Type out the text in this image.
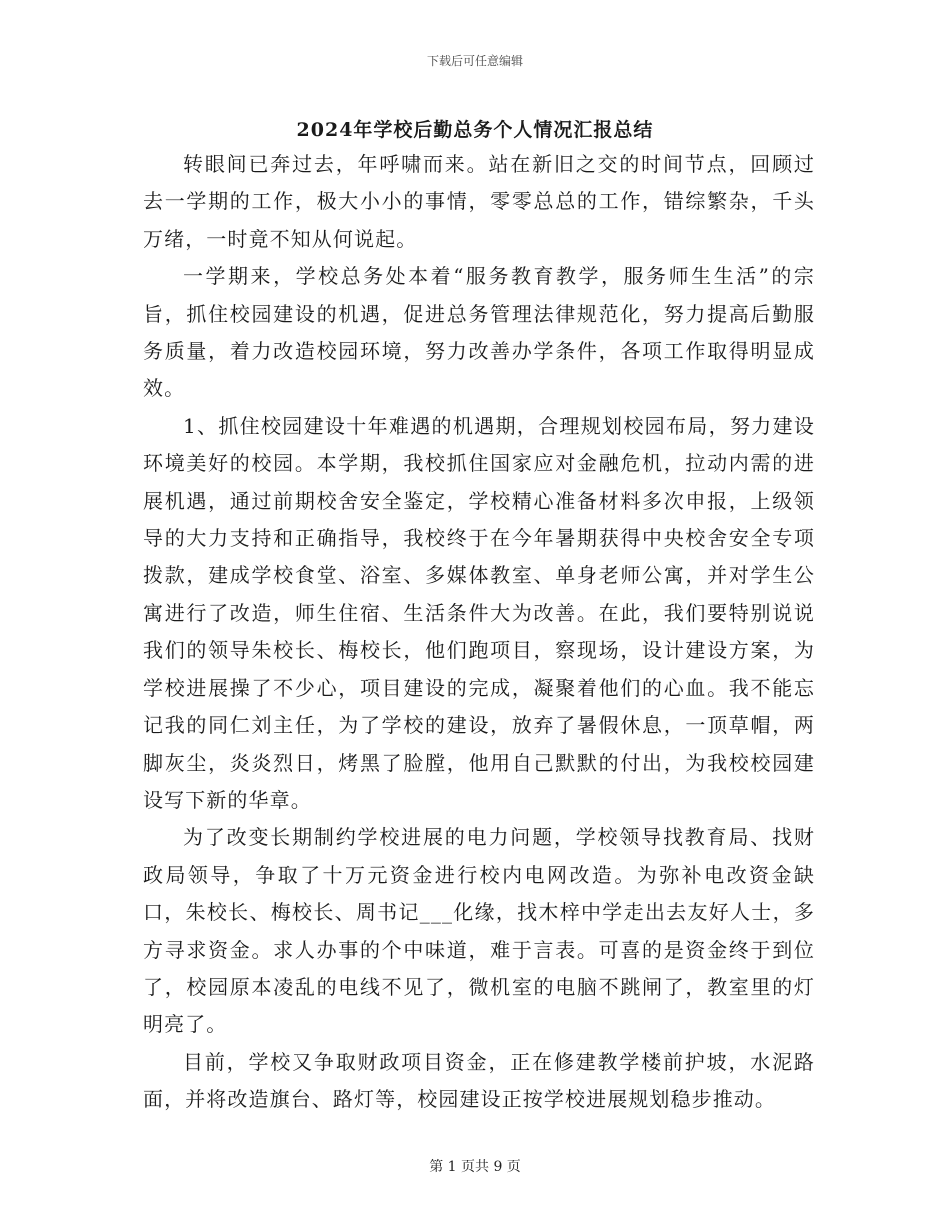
下载后可任意编辑
2024年学校后勤总务个人情况汇报总结

转眼间已奔过去，年呼啸而来。站在新旧之交的时间节点，回顾过去一学期的工作，极大小小的事情，零零总总的工作，错综繁杂，千头万绪，一时竟不知从何说起。

一学期来，学校总务处本着“服务教育教学，服务师生生活”的宗旨，抓住校园建设的机遇，促进总务管理法律规范化，努力提高后勤服务质量，着力改造校园环境，努力改善办学条件，各项工作取得明显成效。

1、抓住校园建设十年难遇的机遇期，合理规划校园布局，努力建设环境美好的校园。本学期，我校抓住国家应对金融危机，拉动内需的进展机遇，通过前期校舍安全鉴定，学校精心准备材料多次申报，上级领导的大力支持和正确指导，我校终于在今年暑期获得中央校舍安全专项拨款，建成学校食堂、浴室、多媒体教室、单身老师公寓，并对学生公寓进行了改造，师生住宿、生活条件大为改善。在此，我们要特别说说我们的领导朱校长、梅校长，他们跑项目，察现场，设计建设方案，为学校进展操了不少心，项目建设的完成，凝聚着他们的心血。我不能忘记我的同仁刘主任，为了学校的建设，放弃了暑假休息，一顶草帽，两脚灰尘，炎炎烈日，烤黑了脸膛，他用自己默默的付出，为我校校园建设写下新的华章。

为了改变长期制约学校进展的电力问题，学校领导找教育局、找财政局领导，争取了十万元资金进行校内电网改造。为弥补电改资金缺口，朱校长、梅校长、周书记___化缘，找木梓中学走出去友好人士，多方寻求资金。求人办事的个中味道，难于言表。可喜的是资金终于到位了，校园原本凌乱的电线不见了，微机室的电脑不跳闸了，教室里的灯明亮了。

目前，学校又争取财政项目资金，正在修建教学楼前护坡，水泥路面，并将改造旗台、路灯等，校园建设正按学校进展规划稳步推动。

第 1 页共 9 页
